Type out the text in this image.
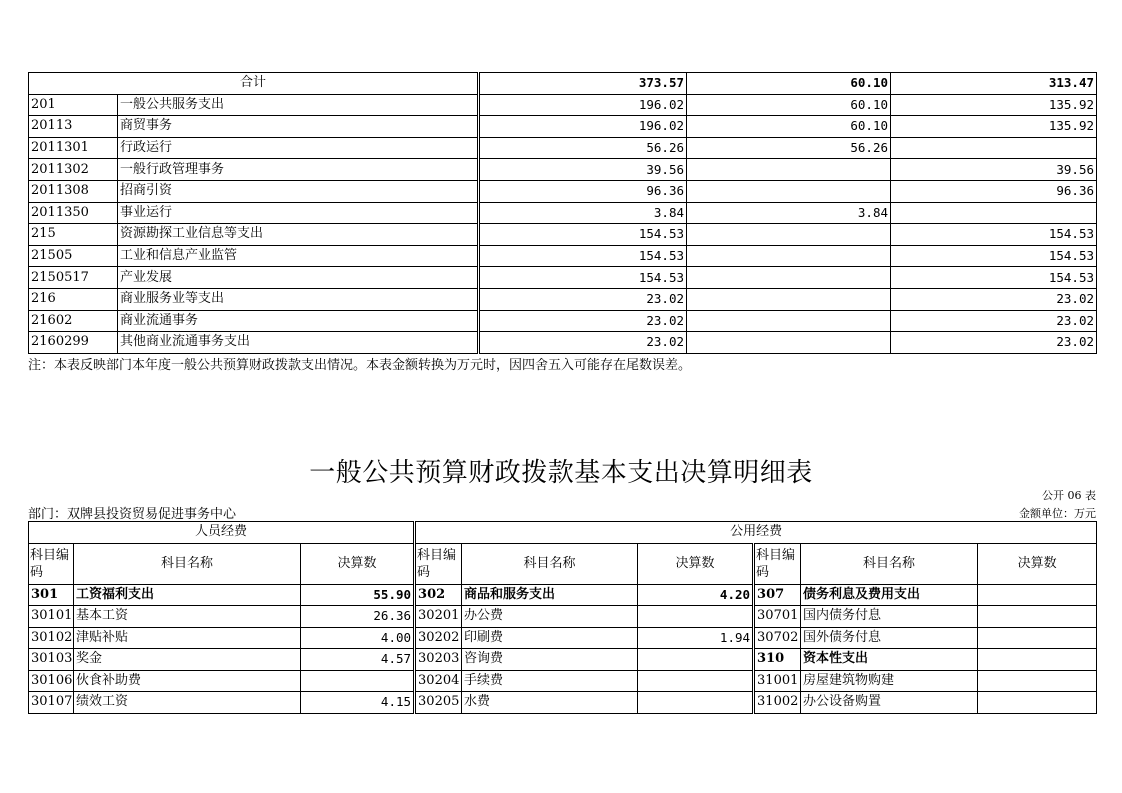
合计		373.57	60.10	313.47
201	一般公共服务支出	196.02	60.10	135.92
20113	商贸事务	196.02	60.10	135.92
2011301	行政运行	56.26	56.26	
2011302	一般行政管理事务	39.56		39.56
2011308	招商引资	96.36		96.36
2011350	事业运行	3.84	3.84	
215	资源勘探工业信息等支出	154.53		154.53
21505	工业和信息产业监管	154.53		154.53
2150517	产业发展	154.53		154.53
216	商业服务业等支出	23.02		23.02
21602	商业流通事务	23.02		23.02
2160299	其他商业流通事务支出	23.02		23.02
注：本表反映部门本年度一般公共预算财政拨款支出情况。本表金额转换为万元时，因四舍五入可能存在尾数误差。
一般公共预算财政拨款基本支出决算明细表
公开 06 表
部门：双牌县投资贸易促进事务中心	金额单位：万元
人员经费			公用经费					
科目编码	科目名称	决算数	科目编码	科目名称	决算数	科目编码	科目名称	决算数
301	工资福利支出	55.90	302	商品和服务支出	4.20	307	债务利息及费用支出	
30101	基本工资	26.36	30201	办公费		30701	国内债务付息	
30102	津贴补贴	4.00	30202	印刷费	1.94	30702	国外债务付息	
30103	奖金	4.57	30203	咨询费		310	资本性支出	
30106	伙食补助费		30204	手续费		31001	房屋建筑物购建	
30107	绩效工资	4.15	30205	水费		31002	办公设备购置	
